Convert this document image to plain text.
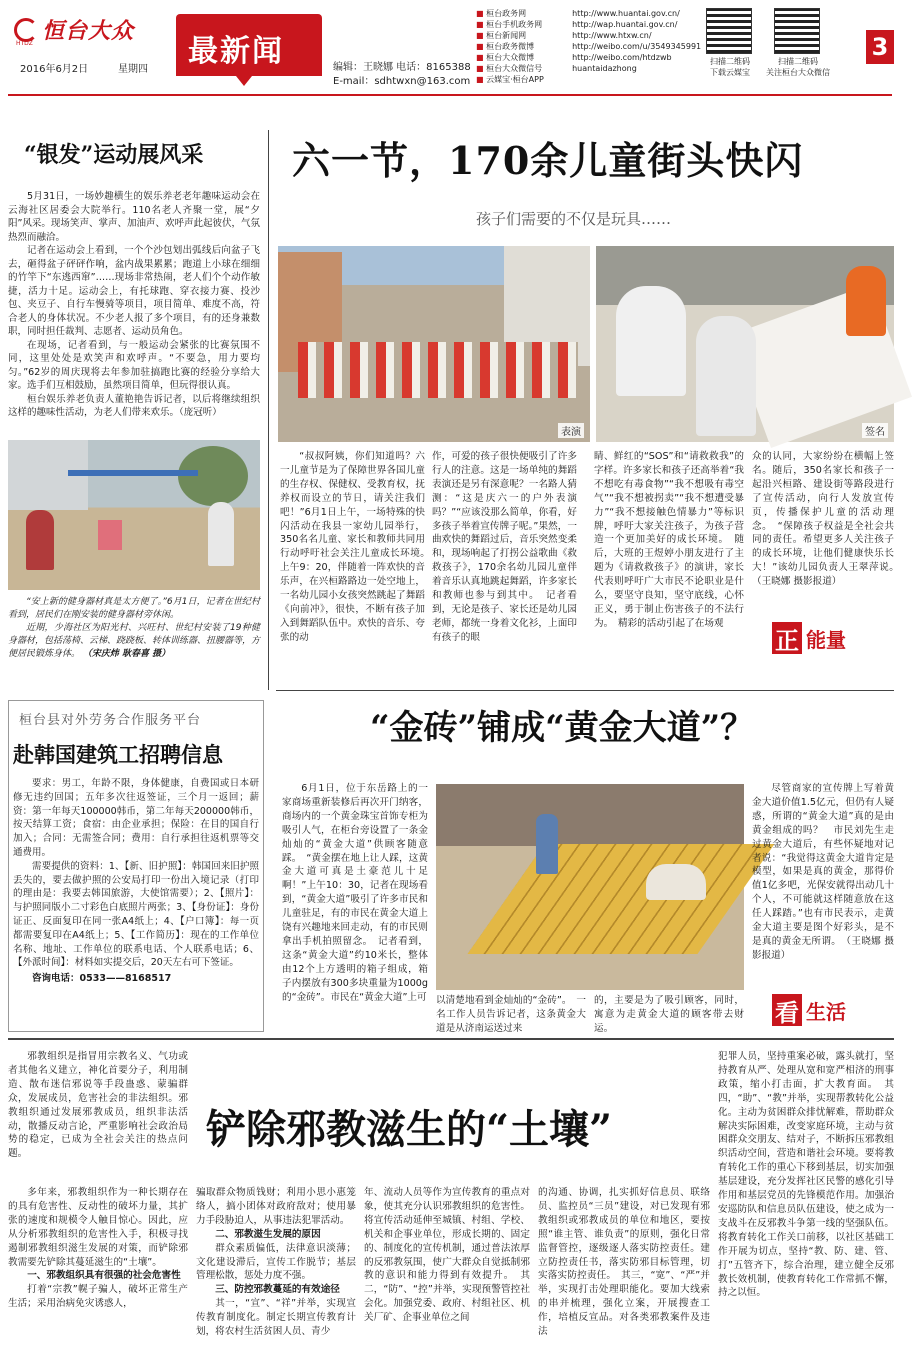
恒台大众
HTDZ
2016年6月2日	星期四
最新闻	编辑：王晓娜 电话：8165388
E-mail：sdhtwxn@163.com
■ 桓台政务网	http://www.huantai.gov.cn/
■ 桓台手机政务网	http://wap.huantai.gov.cn/
■ 桓台新闻网	http://www.htxw.cn/
■ 桓台政务微博	http://weibo.com/u/3549345991
■ 桓台大众微博	http://weibo.com/htdzwb
■ 桓台大众微信号	huantaidazhong
■ 云媒宝·桓台APP
扫描二维码
下载云媒宝
扫描二维码
关注桓台大众微信
3
“银发”运动展风采

5月31日，一场妙趣横生的娱乐养老老年趣味运动会在云海社区居委会大院举行。110名老人齐聚一堂，展“夕阳”风采。现场笑声、掌声、加油声、欢呼声此起彼伏，气氛热烈而融洽。

记者在运动会上看到，一个个沙包划出弧线后向盆子飞去，砸得盆子砰砰作响，盆内战果累累；跑道上小球在细细的竹竿下“东逃西窜”……现场非常热闹，老人们个个动作敏捷，活力十足。运动会上，有托球跑、穿衣接力赛、投沙包、夹豆子、自行车慢骑等项目，项目简单、难度不高，符合老人的身体状况。不少老人报了多个项目，有的还身兼数职，同时担任裁判、志愿者、运动员角色。

在现场，记者看到，与一般运动会紧张的比赛氛围不同，这里处处是欢笑声和欢呼声。“不要急，用力要均匀。”62岁的周庆现将去年参加驻搞跑比赛的经验分享给大家。选手们互相鼓励，虽然项目简单，但玩得很认真。

桓台娱乐养老负责人董艳艳告诉记者，以后将继续组织这样的趣味性活动，为老人们带来欢乐。（庞冠听）

“安上新的健身器材真是太方便了。”6月1日，记者在世纪村看到，居民们在刚安装的健身器材旁休闲。

近期，少海社区为阳光村、兴旺村、世纪村安装了19种健身器材，包括荡椅、云梯、跷跷板、转体训练器、扭腰器等，方便居民锻炼身体。 （宋庆炜 耿春喜 摄）

桓台县对外劳务合作服务平台
赴韩国建筑工招聘信息

要求：男工，年龄不限，身体健康，自费国或日本研修无违约回国；五年多次往返签证，三个月一返回；薪资：第一年每天100000韩币，第二年每天200000韩币，按天结算工资；食宿：由企业承担；保险：在目的国自行加入；合同：无需签合同；费用：自行承担往返机票等交通费用。

需要提供的资料：1、【新、旧护照】：韩国回来旧护照丢失的，要去做护照的公安局打印一份出入境记录（打印的理由是：我要去韩国旅游，大使馆需要）；2、【照片】：与护照同版小二寸彩色白底照片两张；3、【身份证】：身份证正、反面复印在同一张A4纸上；4、【户口簿】：每一页都需要复印在A4纸上；5、【工作简历】：现在的工作单位名称、地址、工作单位的联系电话、个人联系电话；6、【外派时间】：材料如实提交后，20天左右可下签证。

咨询电话：0533——8168517

六一节，170余儿童街头快闪
孩子们需要的不仅是玩具……
表演	签名
“叔叔阿姨，你们知道吗？六一儿童节是为了保障世界各国儿童的生存权、保健权、受教育权，抚养权而设立的节日，请关注我们吧！”6月1日上午，一场特殊的快闪活动在我县一家幼儿园举行，350名名儿童、家长和教师共同用行动呼吁社会关注儿童成长环境。　上午9：20，伴随着一阵欢快的音乐声，在兴桓路路边一处空地上，一名幼儿园小女孩突然跳起了舞蹈《向前冲》，很快，不断有孩子加入到舞蹈队伍中。欢快的音乐、夸张的动
作，可爱的孩子很快便吸引了许多行人的注意。这是一场单纯的舞蹈表演还是另有深意呢？一名路人猜测：“这是庆六一的户外表演吗？”“应该没那么简单，你看，好多孩子举着宣传牌子呢。”果然，一曲欢快的舞蹈过后，音乐突然变柔和，现场响起了打拐公益歌曲《救救孩子》，170余名幼儿园儿童伴着音乐认真地跳起舞蹈，许多家长和教师也参与到其中。　记者看到，无论是孩子、家长还是幼儿园老师，都统一身着文化衫，上面印有孩子的眼
睛、鲜红的“SOS”和“请救救我”的字样。许多家长和孩子还高举着“我不想吃有毒食物”“我不想吸有毒空气”“我不想被拐卖”“我不想遭受暴力”“我不想接触色情暴力”等标识牌，呼吁大家关注孩子，为孩子营造一个更加美好的成长环境。　随后，大班的王煜婷小朋友进行了主题为《请救救孩子》的演讲，家长代表则呼吁广大市民不论职业是什么，要坚守良知，坚守底线，心怀正义，勇于制止伤害孩子的不法行为。　精彩的活动引起了在场观
众的认同，大家纷纷在横幅上签名。随后，350名家长和孩子一起沿兴桓路、建设街等路段进行了宣传活动，向行人发放宣传页，传播保护儿童的活动理念。　“保障孩子权益是全社会共同的责任。希望更多人关注孩子的成长环境，让他们健康快乐长大！”该幼儿园负责人王翠萍说。　（王晓娜 摄影报道）
正 能量
“金砖”铺成“黄金大道”？
6月1日，位于东岳路上的一家商场重新装修后再次开门纳客，商场内的一个黄金珠宝首饰专柜为吸引人气，在柜台旁设置了一条金灿灿的“黄金大道”供顾客随意踩。　“黄金摆在地上让人踩，这黄金大道可真是土豪范儿十足啊！”上午10：30，记者在现场看到，“黄金大道”吸引了许多市民和儿童驻足，有的市民在黄金大道上饶有兴趣地来回走动，有的市民则拿出手机拍照留念。　记者看到，这条“黄金大道”约10米长，整体由12个上方透明的箱子组成，箱子内摆放有300多块重量为1000g的“金砖”。市民在“黄金大道”上可 以清楚地看到金灿灿的“金砖”。　一名工作人员告诉记者，这条黄金大道是从济南运送过来
的，主要是为了吸引顾客，同时，寓意为走黄金大道的顾客带去财运。
尽管商家的宣传牌上写着黄金大道价值1.5亿元，但仍有人疑惑，所谓的“黄金大道”真的是由黄金组成的吗？　市民刘先生走过黄金大道后，有些怀疑地对记者说：“我觉得这黄金大道肯定是模型，如果是真的黄金，那得价值1亿多吧，光保安就得出动几十个人，不可能就这样随意放在这任人踩踏。”也有市民表示，走黄金大道主要是图个好彩头，是不是真的黄金无所谓。　（王晓娜 摄影报道）
看 生活
铲除邪教滋生的“土壤”
邪教组织是指冒用宗教名义、气功或者其他名义建立，神化首要分子，利用制造、散布迷信邪说等手段蛊惑、蒙骗群众，发展成员，危害社会的非法组织。邪教组织通过发展邪教成员，组织非法活动，散播反动言论，严重影响社会政治局势的稳定，已成为全社会关注的热点问题。

多年来，邪教组织作为一种长期存在的具有危害性、反动性的破坏力量，其扩张的速度和规模令人触目惊心。因此，应从分析邪教组织的危害性入手，积极寻找遏制邪教组织滋生发展的对策，而铲除邪教需要先铲除其蔓延滋生的“土壤”。

一、邪教组织具有很强的社会危害性

打着“宗教”幌子骗人，破坏正常生产生活；采用治病免灾诱惑人，

骗取群众物质钱财；利用小思小惠笼络人，搞小团体对政府敌对；使用暴力手段胁迫人，从事违法犯罪活动。

二、邪教滋生发展的原因

群众素质偏低，法律意识淡薄；文化建设滞后，宣传工作脱节；基层管理松散，惩处力度不强。

三、防控邪教蔓延的有效途径

其一，“宣”、“祥”并举，实现宣传教育制度化。制定长期宣传教育计划，将农村生活贫困人员、青少

年、流动人员等作为宣传教育的重点对象，使其充分认识邪教组织的危害性。将宣传活动延伸至城镇、村组、学校、机关和企事业单位，形成长期的、固定的、制度化的宣传机制，通过普法浓厚的反邪教氛围，使广大群众自觉抵制邪教的意识和能力得到有效提升。　其二，“防”、“控”并举，实现预警管控社会化。加强党委、政府、村组社区、机关厂矿、企事业单位之间
的沟通、协调，扎实抓好信息员、联络员、监控员“三员”建设，对已发现有邪教组织或邪教成员的单位和地区，要按照“谁主管、谁负责”的原则，强化日常监督管控，逐级逐人落实防控责任。建立防控责任书，落实防邪目标管理，切实落实防控责任。　其三，“宽”、“严”并举，实现打击处理职能化。要加大线索的串并梳理，强化立案，开展搜查工作，培植反宣品。对各类邪教案件及违法
犯罪人员，坚持重案必破，露头就打，坚持教育从严、处理从宽和宽严相济的刑事政策，缩小打击面，扩大教育面。　其四，“助”、“教”并举，实现帮教转化公益化。主动为贫困群众排忧解难，帮助群众解决实际困难，改变家庭环境，主动与贫困群众交朋友、结对子，不断拆压邪教组织活动空间，营造和谐社会环境。要将教育转化工作的重心下移到基层，切实加强基层建设，充分发挥社区民警的感化引导作用和基层党员的先锋模范作用。加强治安巡防队和信息员队伍建设，使之成为一支战斗在反邪教斗争第一线的坚强队伍。将教育转化工作关口前移，以社区基础工作开展为切点，坚持“教、防、建、管、打”五管齐下，综合治理，建立健全反邪教长效机制，使教育转化工作常抓不懈，持之以恒。
